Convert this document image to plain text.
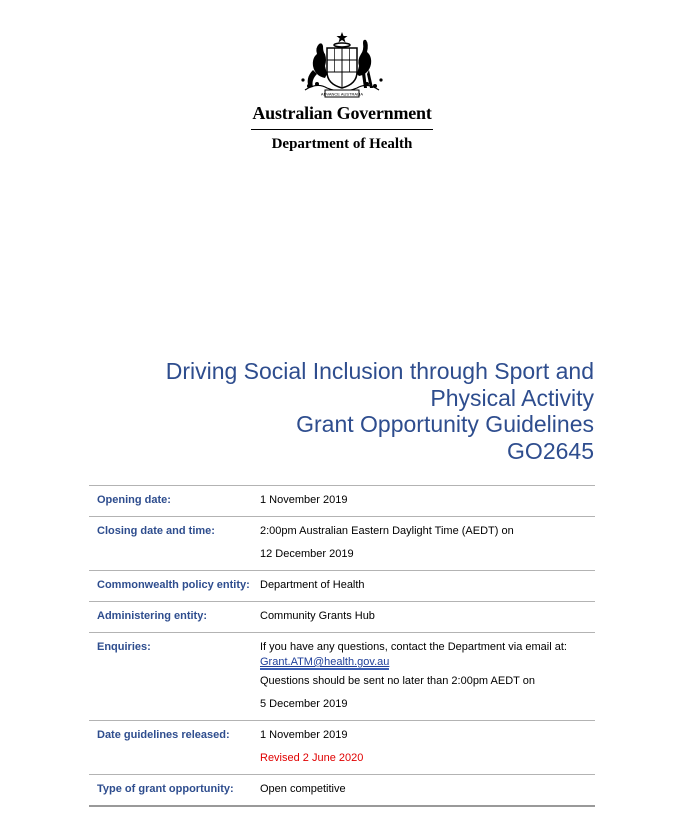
ADVANCE AUSTRALIA
Australian Government
Department of Health
Driving Social Inclusion through Sport and
Physical Activity
Grant Opportunity Guidelines
GO2645
Opening date:	1 November 2019

Closing date and time:	2:00pm Australian Eastern Daylight Time (AEDT) on
12 December 2019

Commonwealth policy entity:	Department of Health

Administering entity:	Community Grants Hub
Enquiries:	If you have any questions, contact the Department via email at:
Grant.ATM@health.gov.au
Questions should be sent no later than 2:00pm AEDT on
5 December 2019

Date guidelines released:	1 November 2019
Revised 2 June 2020

Type of grant opportunity:	Open competitive
